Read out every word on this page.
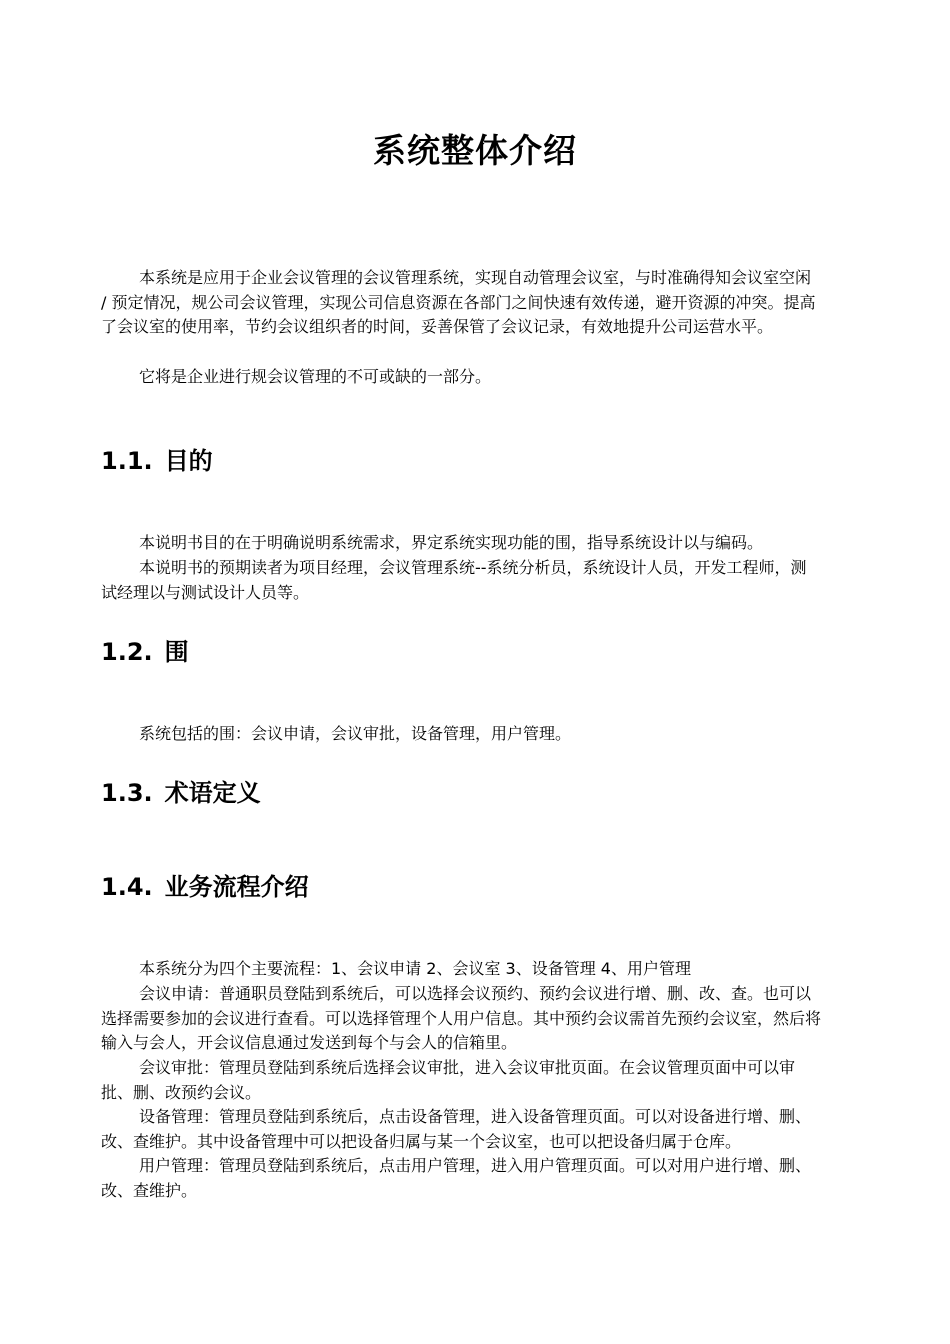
系统整体介绍

本系统是应用于企业会议管理的会议管理系统，实现自动管理会议室，与时准确得知会议室空闲 / 预定情况，规公司会议管理，实现公司信息资源在各部门之间快速有效传递，避开资源的冲突。提高了会议室的使用率，节约会议组织者的时间，妥善保管了会议记录，有效地提升公司运营水平。

它将是企业进行规会议管理的不可或缺的一部分。

1.1. 目的

本说明书目的在于明确说明系统需求，界定系统实现功能的围，指导系统设计以与编码。

本说明书的预期读者为项目经理，会议管理系统--系统分析员，系统设计人员，开发工程师，测试经理以与测试设计人员等。

1.2. 围

系统包括的围：会议申请，会议审批，设备管理，用户管理。

1.3. 术语定义
1.4. 业务流程介绍

本系统分为四个主要流程：1、会议申请 2、会议室 3、设备管理 4、用户管理

会议申请：普通职员登陆到系统后，可以选择会议预约、预约会议进行增、删、改、查。也可以选择需要参加的会议进行查看。可以选择管理个人用户信息。其中预约会议需首先预约会议室，然后将输入与会人，开会议信息通过发送到每个与会人的信箱里。

会议审批：管理员登陆到系统后选择会议审批，进入会议审批页面。在会议管理页面中可以审批、删、改预约会议。

设备管理：管理员登陆到系统后，点击设备管理，进入设备管理页面。可以对设备进行增、删、改、查维护。其中设备管理中可以把设备归属与某一个会议室，也可以把设备归属于仓库。

用户管理：管理员登陆到系统后，点击用户管理，进入用户管理页面。可以对用户进行增、删、改、查维护。
